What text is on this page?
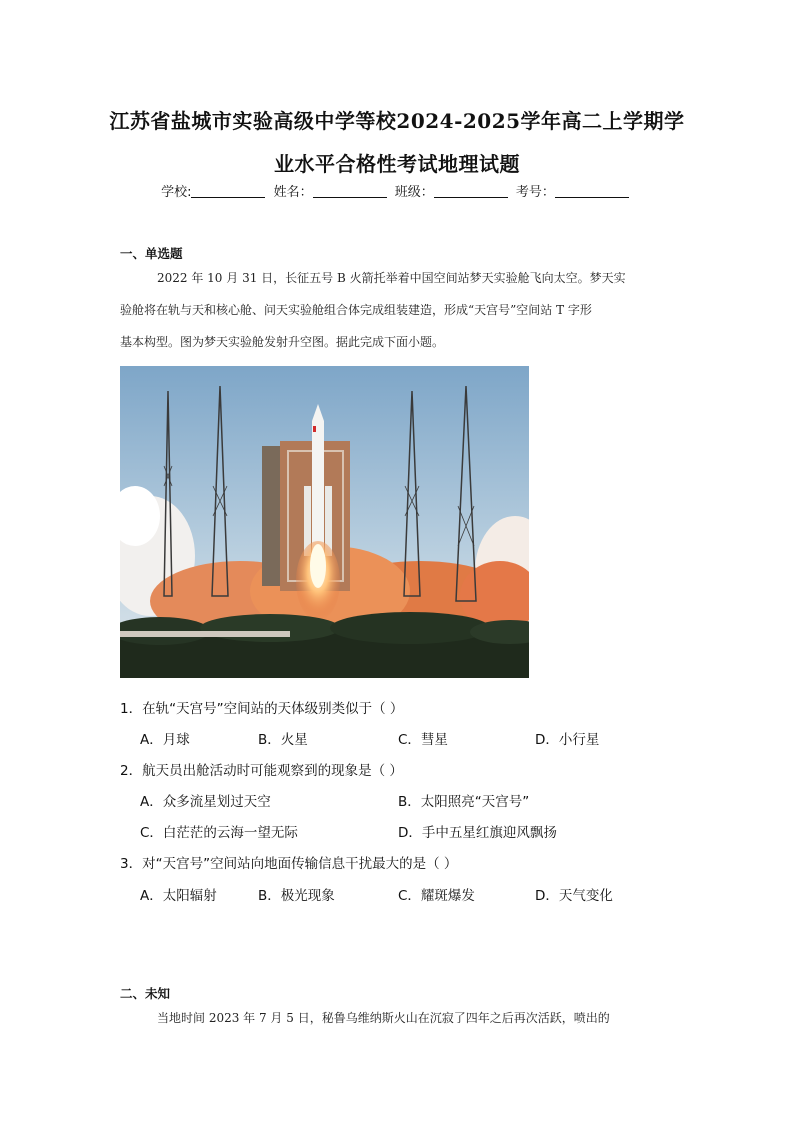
江苏省盐城市实验高级中学等校2024-2025学年高二上学期学
业水平合格性考试地理试题
学校:	姓名：	班级：	考号：
一、单选题
2022 年 10 月 31 日，长征五号 B 火箭托举着中国空间站梦天实验舱飞向太空。梦天实
验舱将在轨与天和核心舱、问天实验舱组合体完成组装建造，形成“天宫号”空间站 T 字形
基本构型。图为梦天实验舱发射升空图。据此完成下面小题。
1．在轨“天宫号”空间站的天体级别类似于（ ）
A．月球	B．火星	C．彗星	D．小行星
2．航天员出舱活动时可能观察到的现象是（ ）
A．众多流星划过天空	B．太阳照亮“天宫号”
C．白茫茫的云海一望无际	D．手中五星红旗迎风飘扬
3．对“天宫号”空间站向地面传输信息干扰最大的是（ ）
A．太阳辐射	B．极光现象	C．耀斑爆发	D．天气变化
二、未知
当地时间 2023 年 7 月 5 日，秘鲁乌维纳斯火山在沉寂了四年之后再次活跃，喷出的
